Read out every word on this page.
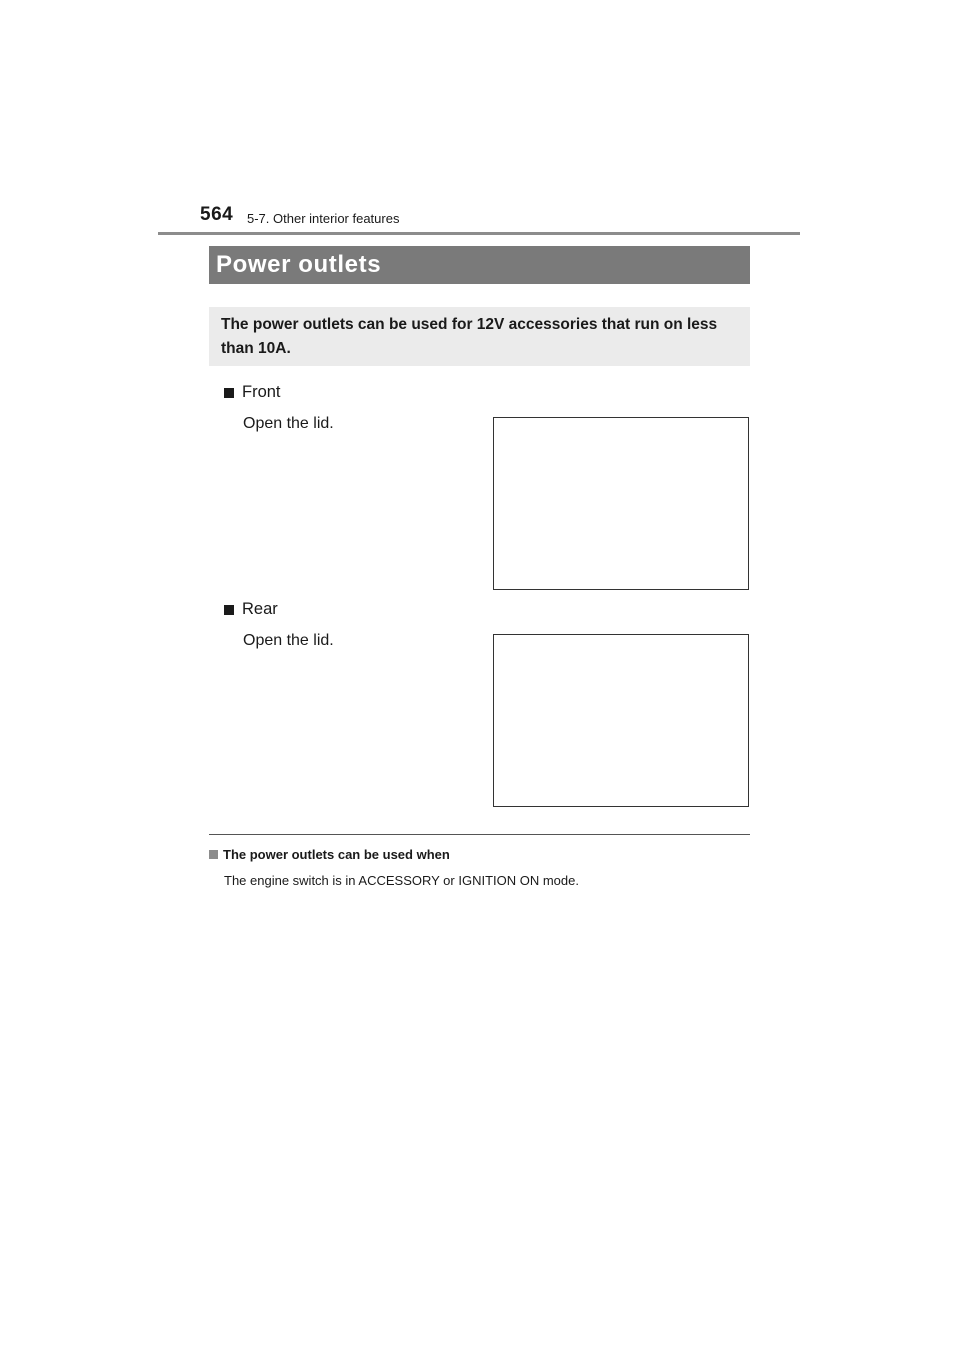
564 5-7. Other interior features
Power outlets
The power outlets can be used for 12V accessories that run on less than 10A.
Front
Open the lid.
Rear
Open the lid.
The power outlets can be used when
The engine switch is in ACCESSORY or IGNITION ON mode.
